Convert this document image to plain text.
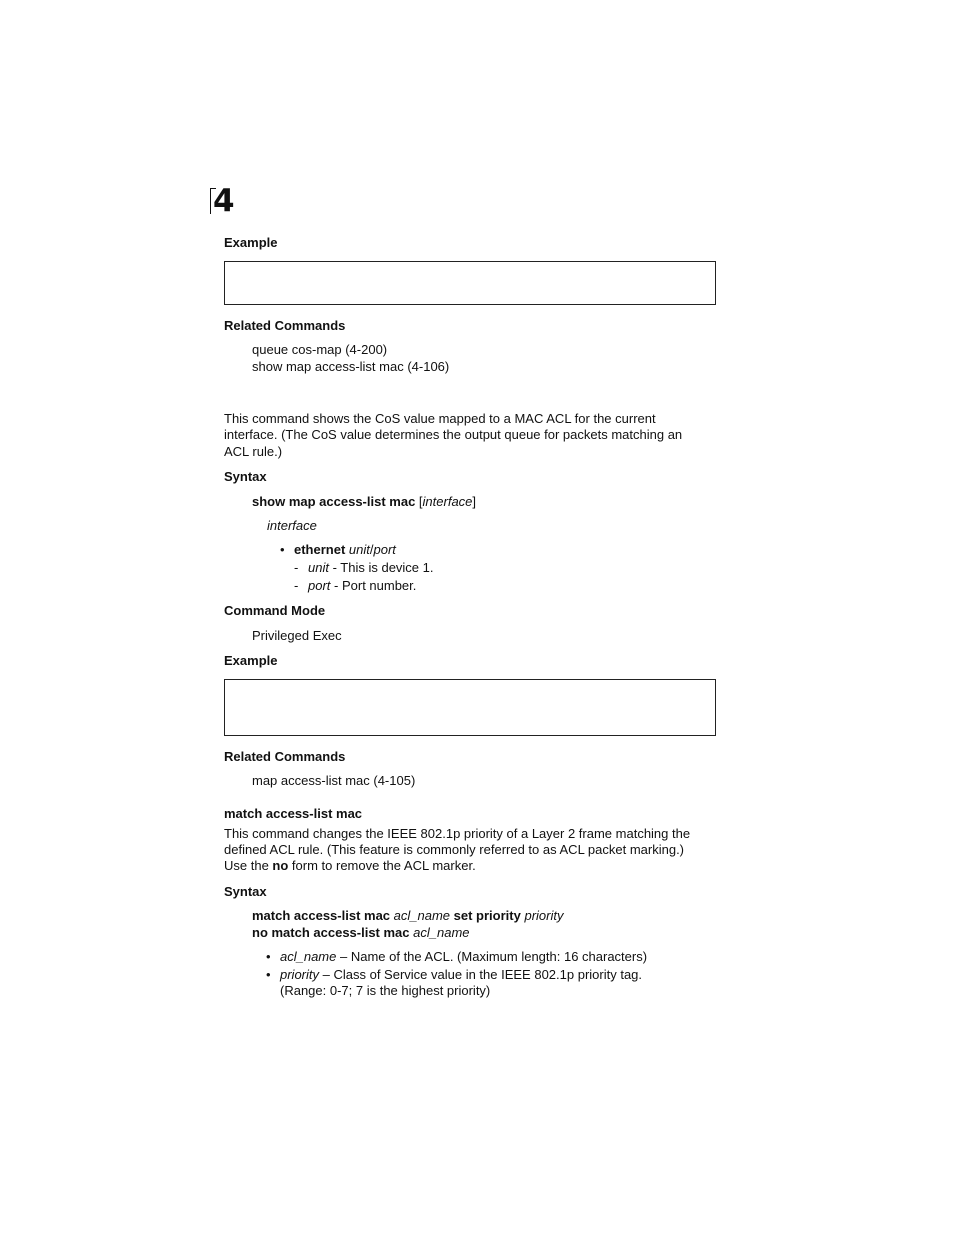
4
Example
Related Commands
queue cos-map (4-200)
show map access-list mac (4-106)
This command shows the CoS value mapped to a MAC ACL for the current
interface. (The CoS value determines the output queue for packets matching an
ACL rule.)
Syntax
show map access-list mac [interface]
interface
• ethernet unit/port
- unit - This is device 1.
- port - Port number.
Command Mode
Privileged Exec
Example
Related Commands
map access-list mac (4-105)
match access-list mac
This command changes the IEEE 802.1p priority of a Layer 2 frame matching the
defined ACL rule. (This feature is commonly referred to as ACL packet marking.)
Use the no form to remove the ACL marker.
Syntax
match access-list mac acl_name set priority priority
no match access-list mac acl_name
• acl_name – Name of the ACL. (Maximum length: 16 characters)
• priority – Class of Service value in the IEEE 802.1p priority tag.
(Range: 0-7; 7 is the highest priority)
